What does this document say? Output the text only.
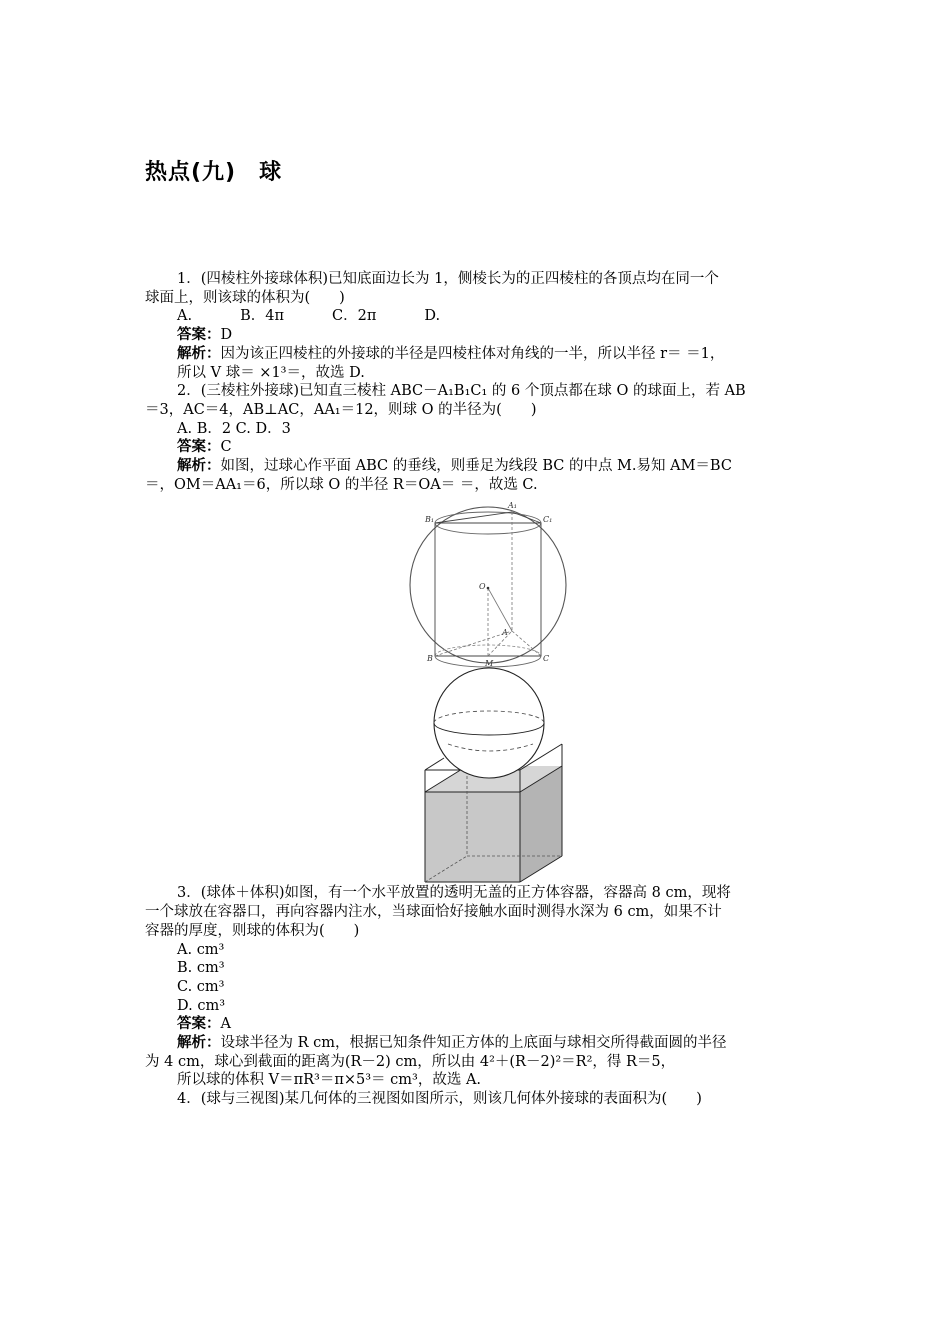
热点(九)　球

1．(四棱柱外接球体积)已知底面边长为 1，侧棱长为的正四棱柱的各顶点均在同一个

球面上，则该球的体积为(　　)

A.	B．4π	C．2π	D.

答案：D

解析：因为该正四棱柱的外接球的半径是四棱柱体对角线的一半，所以半径 r＝ ＝1，

所以 V 球＝ ×1³＝，故选 D.

2．(三棱柱外接球)已知直三棱柱 ABC－A₁B₁C₁ 的 6 个顶点都在球 O 的球面上，若 AB

＝3，AC＝4，AB⊥AC，AA₁＝12，则球 O 的半径为(　　)

A. B．2 C. D．3

答案：C

解析：如图，过球心作平面 ABC 的垂线，则垂足为线段 BC 的中点 M.易知 AM＝BC

＝，OM＝AA₁＝6，所以球 O 的半径 R＝OA＝ ＝，故选 C.

B₁
A₁
C₁
O
A
B
M
C

3．(球体＋体积)如图，有一个水平放置的透明无盖的正方体容器，容器高 8 cm，现将

一个球放在容器口，再向容器内注水，当球面恰好接触水面时测得水深为 6 cm，如果不计

容器的厚度，则球的体积为(　　)

A. cm³

B. cm³

C. cm³

D. cm³

答案：A

解析：设球半径为 R cm，根据已知条件知正方体的上底面与球相交所得截面圆的半径

为 4 cm，球心到截面的距离为(R－2) cm，所以由 4²＋(R－2)²＝R²，得 R＝5，

所以球的体积 V＝πR³＝π×5³＝ cm³，故选 A.

4．(球与三视图)某几何体的三视图如图所示，则该几何体外接球的表面积为(　　)
